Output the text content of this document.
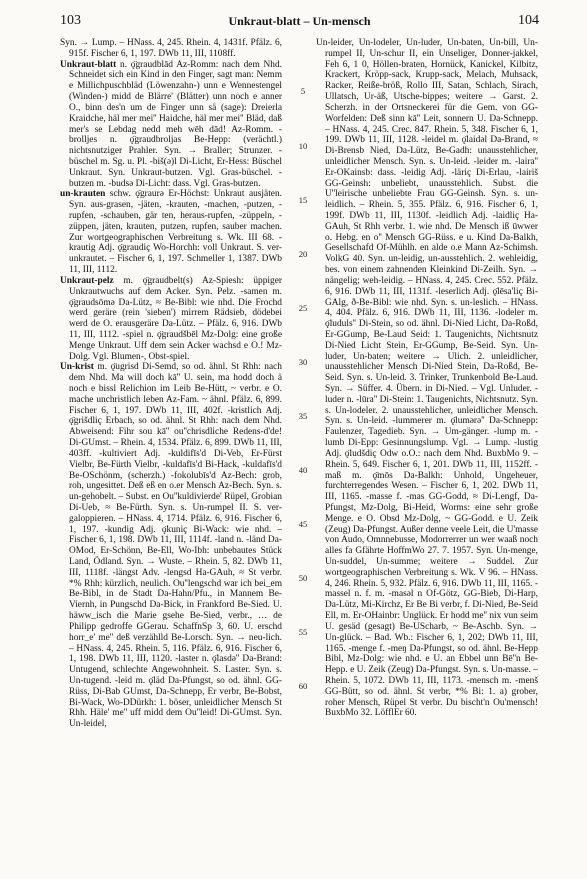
103	Unkraut-blatt – Un-mensch	104

Syn. → Lump. – HNass. 4, 245. Rhein. 4, 1431f. Pfälz. 6, 915f. Fischer 6, 1, 197. DWb 11, III, 1108ff.

Unkraut-blatt n. ǫ̈graudblād Az-Romm: nach dem Nhd. Schneidet sich ein Kind in den Finger, sagt man: Nemm e Millichpuschbläd (Löwenzahn-) unn e Wennestengel (Winden-) midd de Blärre' (Blätter) unn noch e anner O., binn des'n um de Finger unn sä (sage): Dreierla Kraidche, häl mer mei'' Haidche, häl mer mei'' Bläd, daß mer's se Lebdag nedd meh wēh dād! Az-Romm. -brolljes n. ǫ̈graudbroljas Be-Hepp: (verächtl.) nichtsnutziger Prahler. Syn. → Braller; Strunzer. -büschel m. Sg. u. Pl. -biš(ə)l Di-Licht, Er-Hess: Büschel Unkraut. Syn. Unkraut-butzen. Vgl. Gras-büschel. -butzen m. -budsə Di-Licht: dass. Vgl. Gras-butzen.

un-krauten schw. ǫ̈graurə Er-Höchst: Unkraut ausjäten. Syn. aus-grasen, -jäten, -krauten, -machen, -putzen, -rupfen, -schauben, gär ten, heraus-rupfen, -züppeln, -züppen, jäten, krauten, putzen, rupfen, sauber machen. Zur wortgeographischen Verbreitung s. Wk. III 68. -krautig Adj. ǫ̈graudiç Wo-Horchh: voll Unkraut. S. ver-unkrautet. – Fischer 6, 1, 197. Schmeller 1, 1387. DWb 11, III, 1112.

Unkraut-pelz m. ǫ̈graudbelt(s) Az-Spiesh: üppiger Unkrautwuchs auf dem Acker. Syn. Pelz. -samen m. ǫ̈graudsōmə Da-Lütz, ≈ Be-Bibl: wie nhd. Die Frochd werd geräre (rein 'sieben') mirrem Rädsieb, dödebei werd de O. erausgeräre Da-Lütz. – Pfälz. 6, 916. DWb 11, III, 1112. -spiel n. ǫ̈graudšbēl Mz-Dolg: eine große Menge Unkraut. Uff dem sein Acker wachsd e O.! Mz-Dolg. Vgl. Blumen-, Obst-spiel.

Un-krist m. ǫ̈ugrisd Di-Semd, so od. ähnl. St Rhh: nach dem Nhd. Ma will doch kā'' U. sein, ma hodd doch ä noch e bissl Relichion im Leib Be-Hütt, ~ verbr. e O. mache unchristlich leben Az-Fam. ~ ähnl. Pfälz. 6, 899. Fischer 6, 1, 197. DWb 11, III, 402f. -kristlich Adj. ǫ̈grišdliç Erbach, so od. ähnl. St Rhh: nach dem Nhd. Abweisend: Fihr sou kā'' ou''chrisdliche Redens-d'de! Di-GUmst. – Rhein. 4, 1534. Pfälz. 6, 899. DWb 11, III, 403ff. -kultiviert Adj. -kuldifīs'd Di-Veb, Er-Fürst Vielbr, Be-Fürth Vielbr, -kuldafīs'd Bi-Hack, -kuldafīs'd Be-OSchönm, (scherzh.) -fokolubīs'd Az-Bech: grob, roh, ungesittet. Deß eß en o.er Mensch Az-Bech. Syn. s. un-gehobelt. – Subst. en Ou''kuldivierde' Rüpel, Grobian Di-Ueb, ≈ Be-Fürth. Syn. s. Un-rumpel II. S. ver-galoppieren. – HNass. 4, 1714. Pfälz. 6, 916. Fischer 6, 1, 197. -kundig Adj. ǫ̈kuniç Bi-Wack: wie nhd. – Fischer 6, 1, 198. DWb 11, III, 1114f. -land n. -länd Da-OMod, Er-Schönn, Be-Ell, Wo-Ibh: unbebautes Stück Land, Ödland. Syn. → Wuste. – Rhein. 5, 82. DWb 11, III, 1118f. -längst Adv. -lengsd Ha-GAuh, ≈ St verbr. *% Rhh: kürzlich, neulich. Ou''lengschd war ich bei_em Be-Bibl, in de Stadt Da-Hahn/Pfu., in Mannem Be-Viernh, in Pungschd Da-Bick, in Frankford Be-Sied. U. häww_isch die Marie gsehe Be-Sied, verbr., … de Philipp gedroffe GGerau. SchaffnSp 3, 60. U. erschd horr_e' me'' deß verzählld Be-Lorsch. Syn. → neu-lich. – HNass. 4, 245. Rhein. 5, 116. Pfälz. 6, 916. Fischer 6, 1, 198. DWb 11, III, 1120. -laster n. ǫ̈lasdə'' Da-Brand: Untugend, schlechte Angewohnheit. S. Laster. Syn. s. Un-tugend. -leid m. ǫ̈läd Da-Pfungst, so od. ähnl. GG-Rüss, Di-Bab GUmst, Da-Schnepp, Er verbr, Be-Bobst, Bi-Wack, Wo-DDürkh: 1. böser, unleidlicher Mensch St Rhh. Häle' me'' uff midd dem Ou''leid! Di-GUmst. Syn. Un-leidel,

5
10
15
20
25
30
35
40
45
50
55
60

Un-leider, Un-lodeler, Un-luder, Un-baten, Un-bill, Un-rumpel II, Un-schur II, ein Unseliger, Donner-jakkel, Feh 6, 1 0, Höllen-braten, Hornück, Kanickel, Kilbitz, Krackert, Kröpp-sack, Krupp-sack, Melach, Muhsack, Racker, Reiße-bröß, Rollo III, Satan, Schlach, Sirach, Ullatsch, Ur-äß, Utsche-bippes; weitere → Garst. 2. Scherzh. in der Ortsneckerei für die Gem. von GG-Worfelden: Deß sinn kā'' Leit, sonnern U. Da-Schnepp. – HNass. 4, 245. Crec. 847. Rhein. 5, 348. Fischer 6, 1, 199. DWb 11, III, 1128. -leidel m. ǫ̈laidəl Da-Brand, ≈ Di-Brensb Nied, Da-Lütz, Be-Gadh: unausstehlicher, unleidlicher Mensch. Syn. s. Un-leid. -leider m. -laira'' Er-OKainsb: dass. -leidig Adj. -läriç Di-Erlau, -lairiš GG-Geinsh: unbeliebt, unausstehlich. Subst. die U''leirische unbeliebte Frau GG-Geinsh. Syn. s. un-leidlich. – Rhein. 5, 355. Pfälz. 6, 916. Fischer 6, 1, 199f. DWb 11, III, 1130f. -leidlich Adj. -laidliç Ha-GAuh, St Rhh verbr. 1. wie nhd. De Mensch iß ūwwer o. Hebg. en o'' Mensch GG-Rüss. e u. Kind Da-Balkh, Gesellschafd Of-Mühlh. en alde o.e Mann Az-Schimsh. VolkG 40. Syn. un-leidig, un-ausstehlich. 2. wehleidig, bes. von einem zahnenden Kleinkind Di-Zeilh. Syn. → nängelig; weh-leidig. – HNass. 4, 245. Crec. 552. Pfälz. 6, 916. DWb 11, III, 1131f. -leserlich Adj. ǫ̈lēsa'liç Bi-GAlg, ð-Be-Bibl: wie nhd. Syn. s. un-leslich. – HNass. 4, 404. Pfälz. 6, 916. DWb 11, III, 1136. -lodeler m. ǫ̈luduls'' Di-Stein, so od. ähnl. Di-Nied Licht, Da-Roßd, Er-GGump, Be-Laud Seid: 1. Taugenichts, Nichtsnutz Di-Nied Licht Stein, Er-GGump, Be-Seid. Syn. Un-luder, Un-baten; weitere → Ulich. 2. unleidlicher, unausstehlicher Mensch Di-Nied Stein, Da-Roßd, Be-Seid. Syn. s. Un-leid. 3. Trinker, Trunkenbold Be-Laud. Syn. → Süffer. 4. Übern. in Di-Nied. – Vgl. Unluder. -luder n. -lūra'' Di-Stein: 1. Taugenichts, Nichtsnutz. Syn. s. Un-lodeler. 2. unausstehlicher, unleidlicher Mensch. Syn. s. Un-leid. -lummerer m. ǫ̈lumərə'' Da-Schnepp: Faulenzer, Tagedieb. Syn. → Um-gänger. -lump m. -lumb Di-Epp: Gesinnungslump. Vgl. → Lump. -lustig Adj. ǫ̈ludšdiç Odw o.O.: nach dem Nhd. BuxbMo 9. – Rhein. 5, 649. Fischer 6, 1, 201. DWb 11, III, 1152ff. -maß m. ǫ̈mōs Da-Balkh: Unhold, Ungeheuer, furchterregendes Wesen. – Fischer 6, 1, 202. DWb 11, III, 1165. -masse f. -mas GG-Godd, ≈ Di-Lengf, Da-Pfungst, Mz-Dolg, Bi-Heid, Worms: eine sehr große Menge. e O. Obsd Mz-Dolg, ~ GG-Godd. e U. Zeik (Zeug) Da-Pfungst. Außer denne veele Leit, die U'masse von Audo, Omnnebusse, Modorrerrer un wer waaß noch alles fa Gfährte HoffmWo 27. 7. 1957. Syn. Un-menge, Un-suddel, Un-summe; weitere → Suddel. Zur wortgeographischen Verbreitung s. Wk. V 96. – HNass. 4, 246. Rhein. 5, 932. Pfälz. 6, 916. DWb 11, III, 1165. -massel n. f. m. -masəl n Of-Götz, GG-Bieb, Di-Harp, Da-Lütz, Mi-Kirchz, Er Be Bi verbr, f. Di-Nied, Be-Seid Ell, m. Er-OHainbr: Unglück. Er hodd me'' nix vun seim U. gesäd (gesagt) Be-UScharb, ~ Be-Aschb. Syn. → Un-glück. – Bad. Wb.: Fischer 6, 1, 202; DWb 11, III, 1165. -menge f. -meŋ Da-Pfungst, so od. ähnl. Be-Hepp Bibl, Mz-Dolg: wie nhd. e U. an Ebbel unn Bē''n Be-Hepp. e U. Zeik (Zeug) Da-Pfungst. Syn. s. Un-masse. – Rhein. 5, 1072. DWb 11, III, 1173. -mensch m. -menš GG-Bütt, so od. ähnl. St verbr, *% Bi: 1. a) grober, roher Mensch, Rüpel St verbr. Du bischt'n Ou'mensch! BuxbMo 32. LöfflEr 60.
